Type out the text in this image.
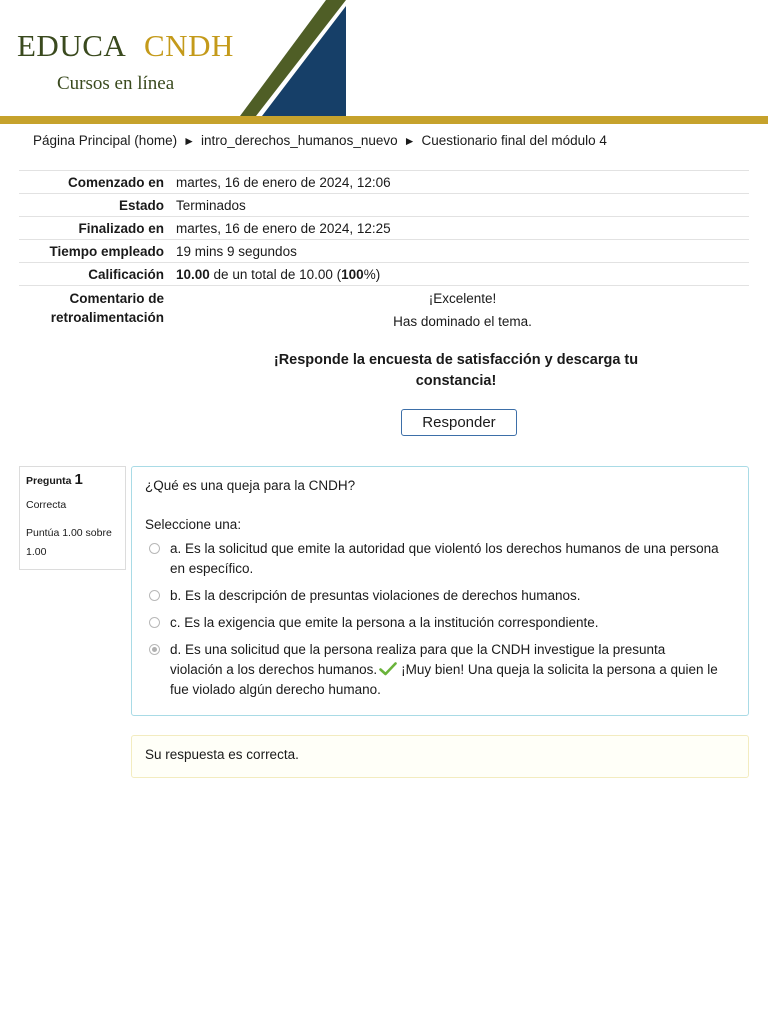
EDUCA CNDH
Cursos en línea
Página Principal (home) ► intro_derechos_humanos_nuevo ► Cuestionario final del módulo 4
Comenzado en	martes, 16 de enero de 2024, 12:06
Estado	Terminados
Finalizado en	martes, 16 de enero de 2024, 12:25
Tiempo empleado	19 mins 9 segundos
Calificación	10.00 de un total de 10.00 (100%)
Comentario de
retroalimentación	¡Excelente!
Has dominado el tema.
¡Responde la encuesta de satisfacción y descarga tu constancia!
Responder
Pregunta 1
Correcta
Puntúa 1.00 sobre 1.00
¿Qué es una queja para la CNDH?
Seleccione una:
a. Es la solicitud que emite la autoridad que violentó los derechos humanos de una persona en específico.
b. Es la descripción de presuntas violaciones de derechos humanos.
c. Es la exigencia que emite la persona a la institución correspondiente.
d. Es una solicitud que la persona realiza para que la CNDH investigue la presunta violación a los derechos humanos. ¡Muy bien! Una queja la solicita la persona a quien le fue violado algún derecho humano.
Su respuesta es correcta.
